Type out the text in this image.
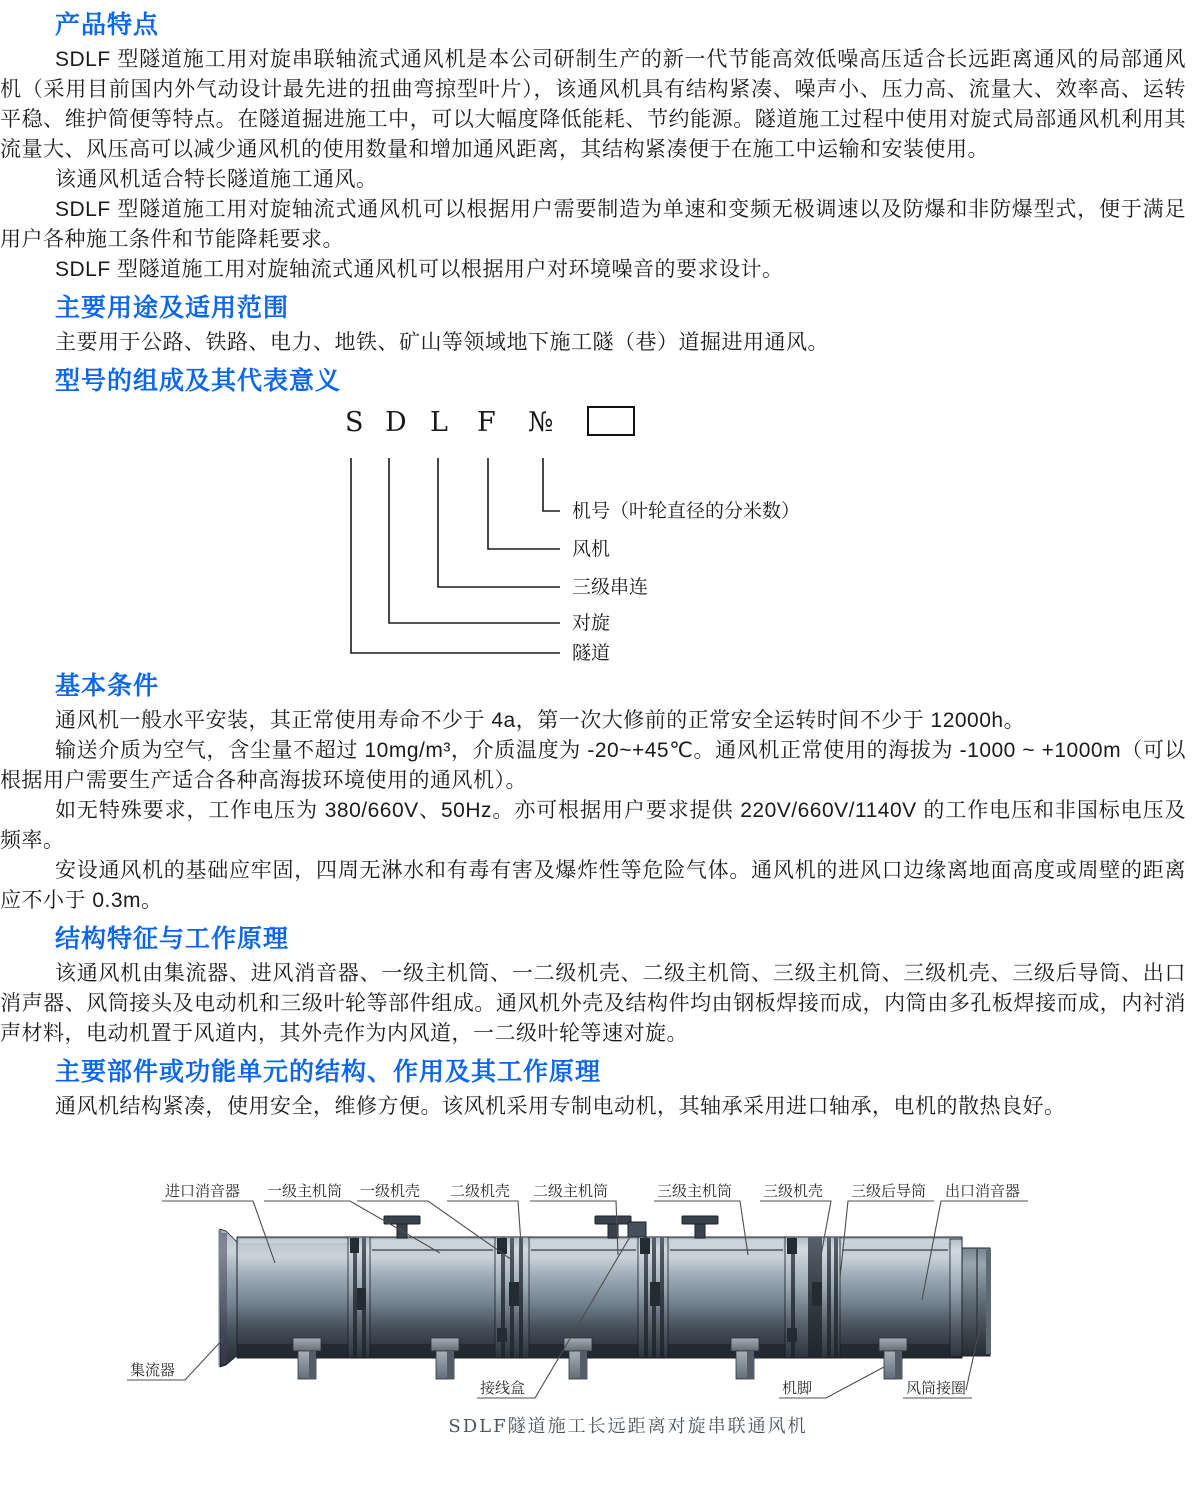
产品特点

SDLF 型隧道施工用对旋串联轴流式通风机是本公司研制生产的新一代节能高效低噪高压适合长远距离通风的局部通风机（采用目前国内外气动设计最先进的扭曲弯掠型叶片），该通风机具有结构紧凑、噪声小、压力高、流量大、效率高、运转平稳、维护简便等特点。在隧道掘进施工中，可以大幅度降低能耗、节约能源。隧道施工过程中使用对旋式局部通风机利用其流量大、风压高可以减少通风机的使用数量和增加通风距离，其结构紧凑便于在施工中运输和安装使用。

该通风机适合特长隧道施工通风。

SDLF 型隧道施工用对旋轴流式通风机可以根据用户需要制造为单速和变频无极调速以及防爆和非防爆型式，便于满足用户各种施工条件和节能降耗要求。

SDLF 型隧道施工用对旋轴流式通风机可以根据用户对环境噪音的要求设计。

主要用途及适用范围

主要用于公路、铁路、电力、地铁、矿山等领域地下施工隧（巷）道掘进用通风。

型号的组成及其代表意义
S D L F №
机号（叶轮直径的分米数）
风机
三级串连
对旋
隧道
基本条件

通风机一般水平安装，其正常使用寿命不少于 4a，第一次大修前的正常安全运转时间不少于 12000h。

输送介质为空气，含尘量不超过 10mg/m³，介质温度为 -20~+45℃。通风机正常使用的海拔为 -1000 ~ +1000m（可以根据用户需要生产适合各种高海拔环境使用的通风机）。

如无特殊要求，工作电压为 380/660V、50Hz。亦可根据用户要求提供 220V/660V/1140V 的工作电压和非国标电压及频率。

安设通风机的基础应牢固，四周无淋水和有毒有害及爆炸性等危险气体。通风机的进风口边缘离地面高度或周壁的距离应不小于 0.3m。

结构特征与工作原理

该通风机由集流器、进风消音器、一级主机筒、一二级机壳、二级主机筒、三级主机筒、三级机壳、三级后导筒、出口消声器、风筒接头及电动机和三级叶轮等部件组成。通风机外壳及结构件均由钢板焊接而成，内筒由多孔板焊接而成，内衬消声材料，电动机置于风道内，其外壳作为内风道，一二级叶轮等速对旋。

主要部件或功能单元的结构、作用及其工作原理

通风机结构紧凑，使用安全，维修方便。该风机采用专制电动机，其轴承采用进口轴承，电机的散热良好。

进口消音器 一级主机筒 一级机壳 二级机壳 二级主机筒	三级主机筒 三级机壳 三级后导筒 出口消音器
集流器
接线盒	机脚	风筒接圈
SDLF隧道施工长远距离对旋串联通风机
